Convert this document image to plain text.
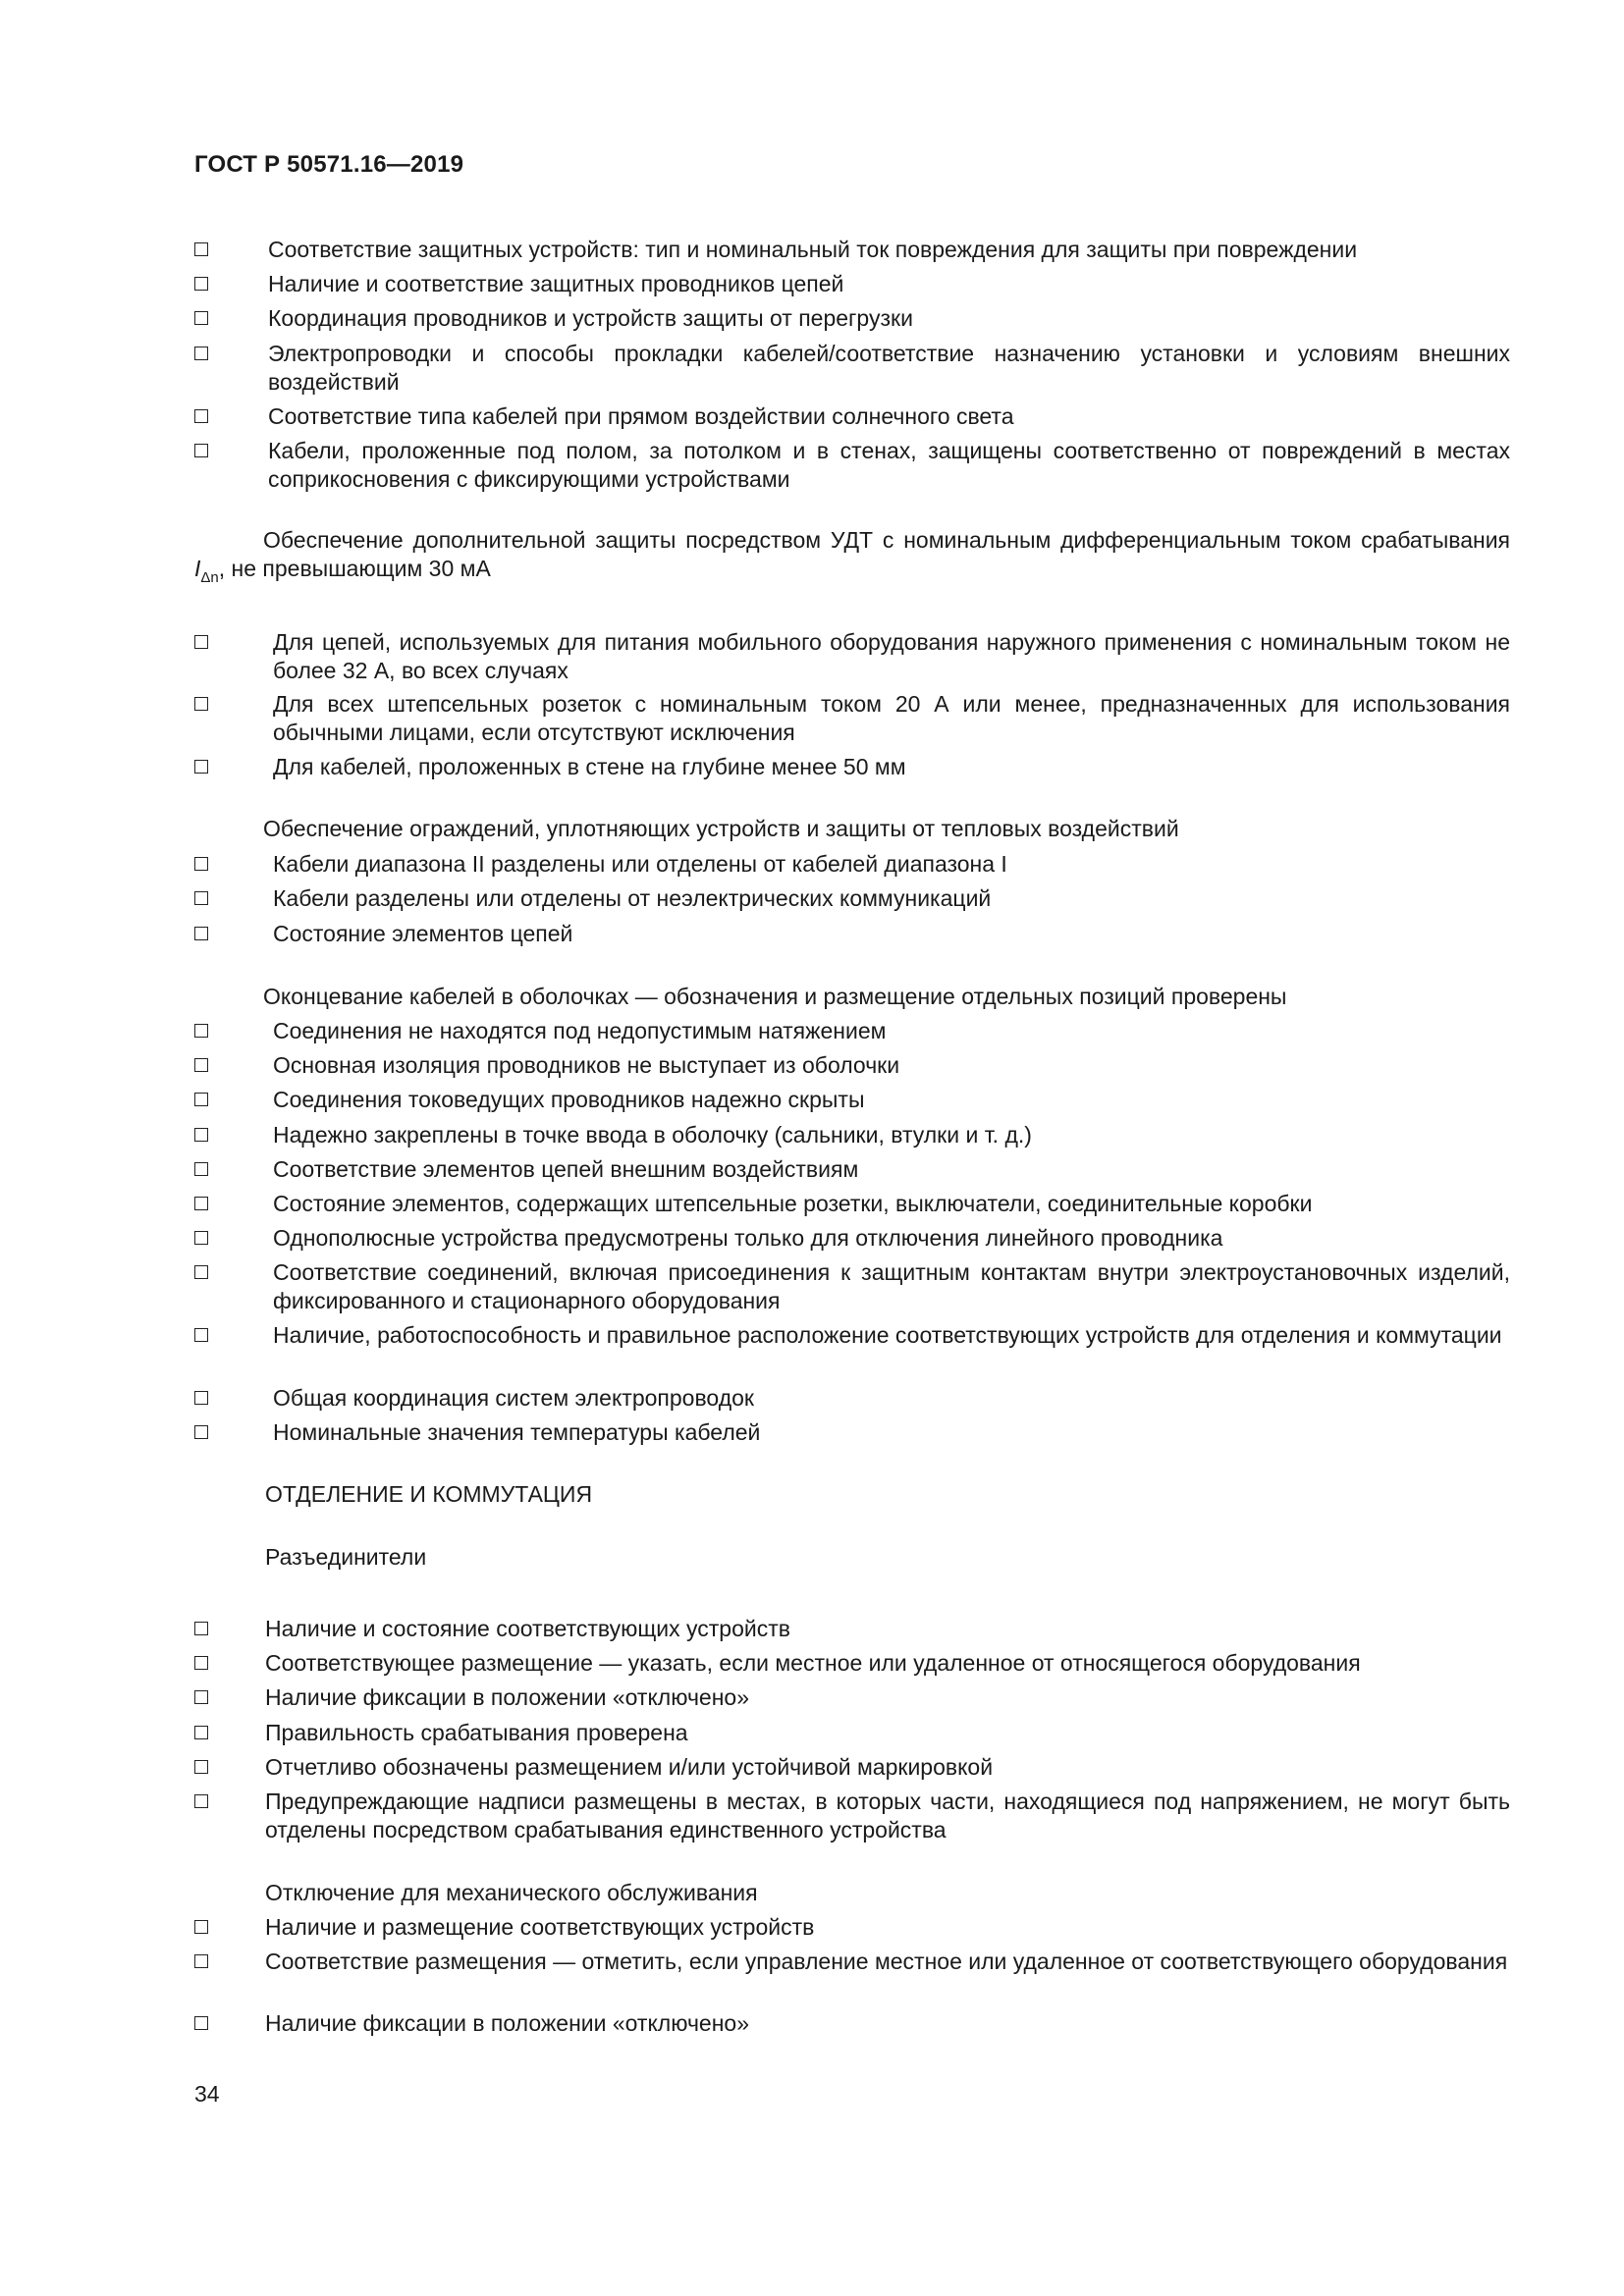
ГОСТ Р 50571.16—2019
Соответствие защитных устройств: тип и номинальный ток повреждения для защиты при повреждении
Наличие и соответствие защитных проводников цепей
Координация проводников и устройств защиты от перегрузки
Электропроводки и способы прокладки кабелей/соответствие назначению установки и условиям внешних воздействий
Соответствие типа кабелей при прямом воздействии солнечного света
Кабели, проложенные под полом, за потолком и в стенах, защищены соответственно от повреждений в местах соприкосновения с фиксирующими устройствами
Обеспечение дополнительной защиты посредством УДТ с номинальным дифференциальным током срабатывания $I_{\Delta n}$, не превышающим 30 мА
Для цепей, используемых для питания мобильного оборудования наружного применения с номинальным током не более 32 А, во всех случаях
Для всех штепсельных розеток с номинальным током 20 А или менее, предназначенных для использования обычными лицами, если отсутствуют исключения
Для кабелей, проложенных в стене на глубине менее 50 мм
Обеспечение ограждений, уплотняющих устройств и защиты от тепловых воздействий
Кабели диапазона II разделены или отделены от кабелей диапазона I
Кабели разделены или отделены от неэлектрических коммуникаций
Состояние элементов цепей
Оконцевание кабелей в оболочках — обозначения и размещение отдельных позиций проверены
Соединения не находятся под недопустимым натяжением
Основная изоляция проводников не выступает из оболочки
Соединения токоведущих проводников надежно скрыты
Надежно закреплены в точке ввода в оболочку (сальники, втулки и т. д.)
Соответствие элементов цепей внешним воздействиям
Состояние элементов, содержащих штепсельные розетки, выключатели, соединительные коробки
Однополюсные устройства предусмотрены только для отключения линейного проводника
Соответствие соединений, включая присоединения к защитным контактам внутри электроустановочных изделий, фиксированного и стационарного оборудования
Наличие, работоспособность и правильное расположение соответствующих устройств для отделения и коммутации
Общая координация систем электропроводок
Номинальные значения температуры кабелей
ОТДЕЛЕНИЕ И КОММУТАЦИЯ
Разъединители
Наличие и состояние соответствующих устройств
Соответствующее размещение — указать, если местное или удаленное от относящегося оборудования
Наличие фиксации в положении «отключено»
Правильность срабатывания проверена
Отчетливо обозначены размещением и/или устойчивой маркировкой
Предупреждающие надписи размещены в местах, в которых части, находящиеся под напряжением, не могут быть отделены посредством срабатывания единственного устройства
Отключение для механического обслуживания
Наличие и размещение соответствующих устройств
Соответствие размещения — отметить, если управление местное или удаленное от соответствующего оборудования
Наличие фиксации в положении «отключено»
34
